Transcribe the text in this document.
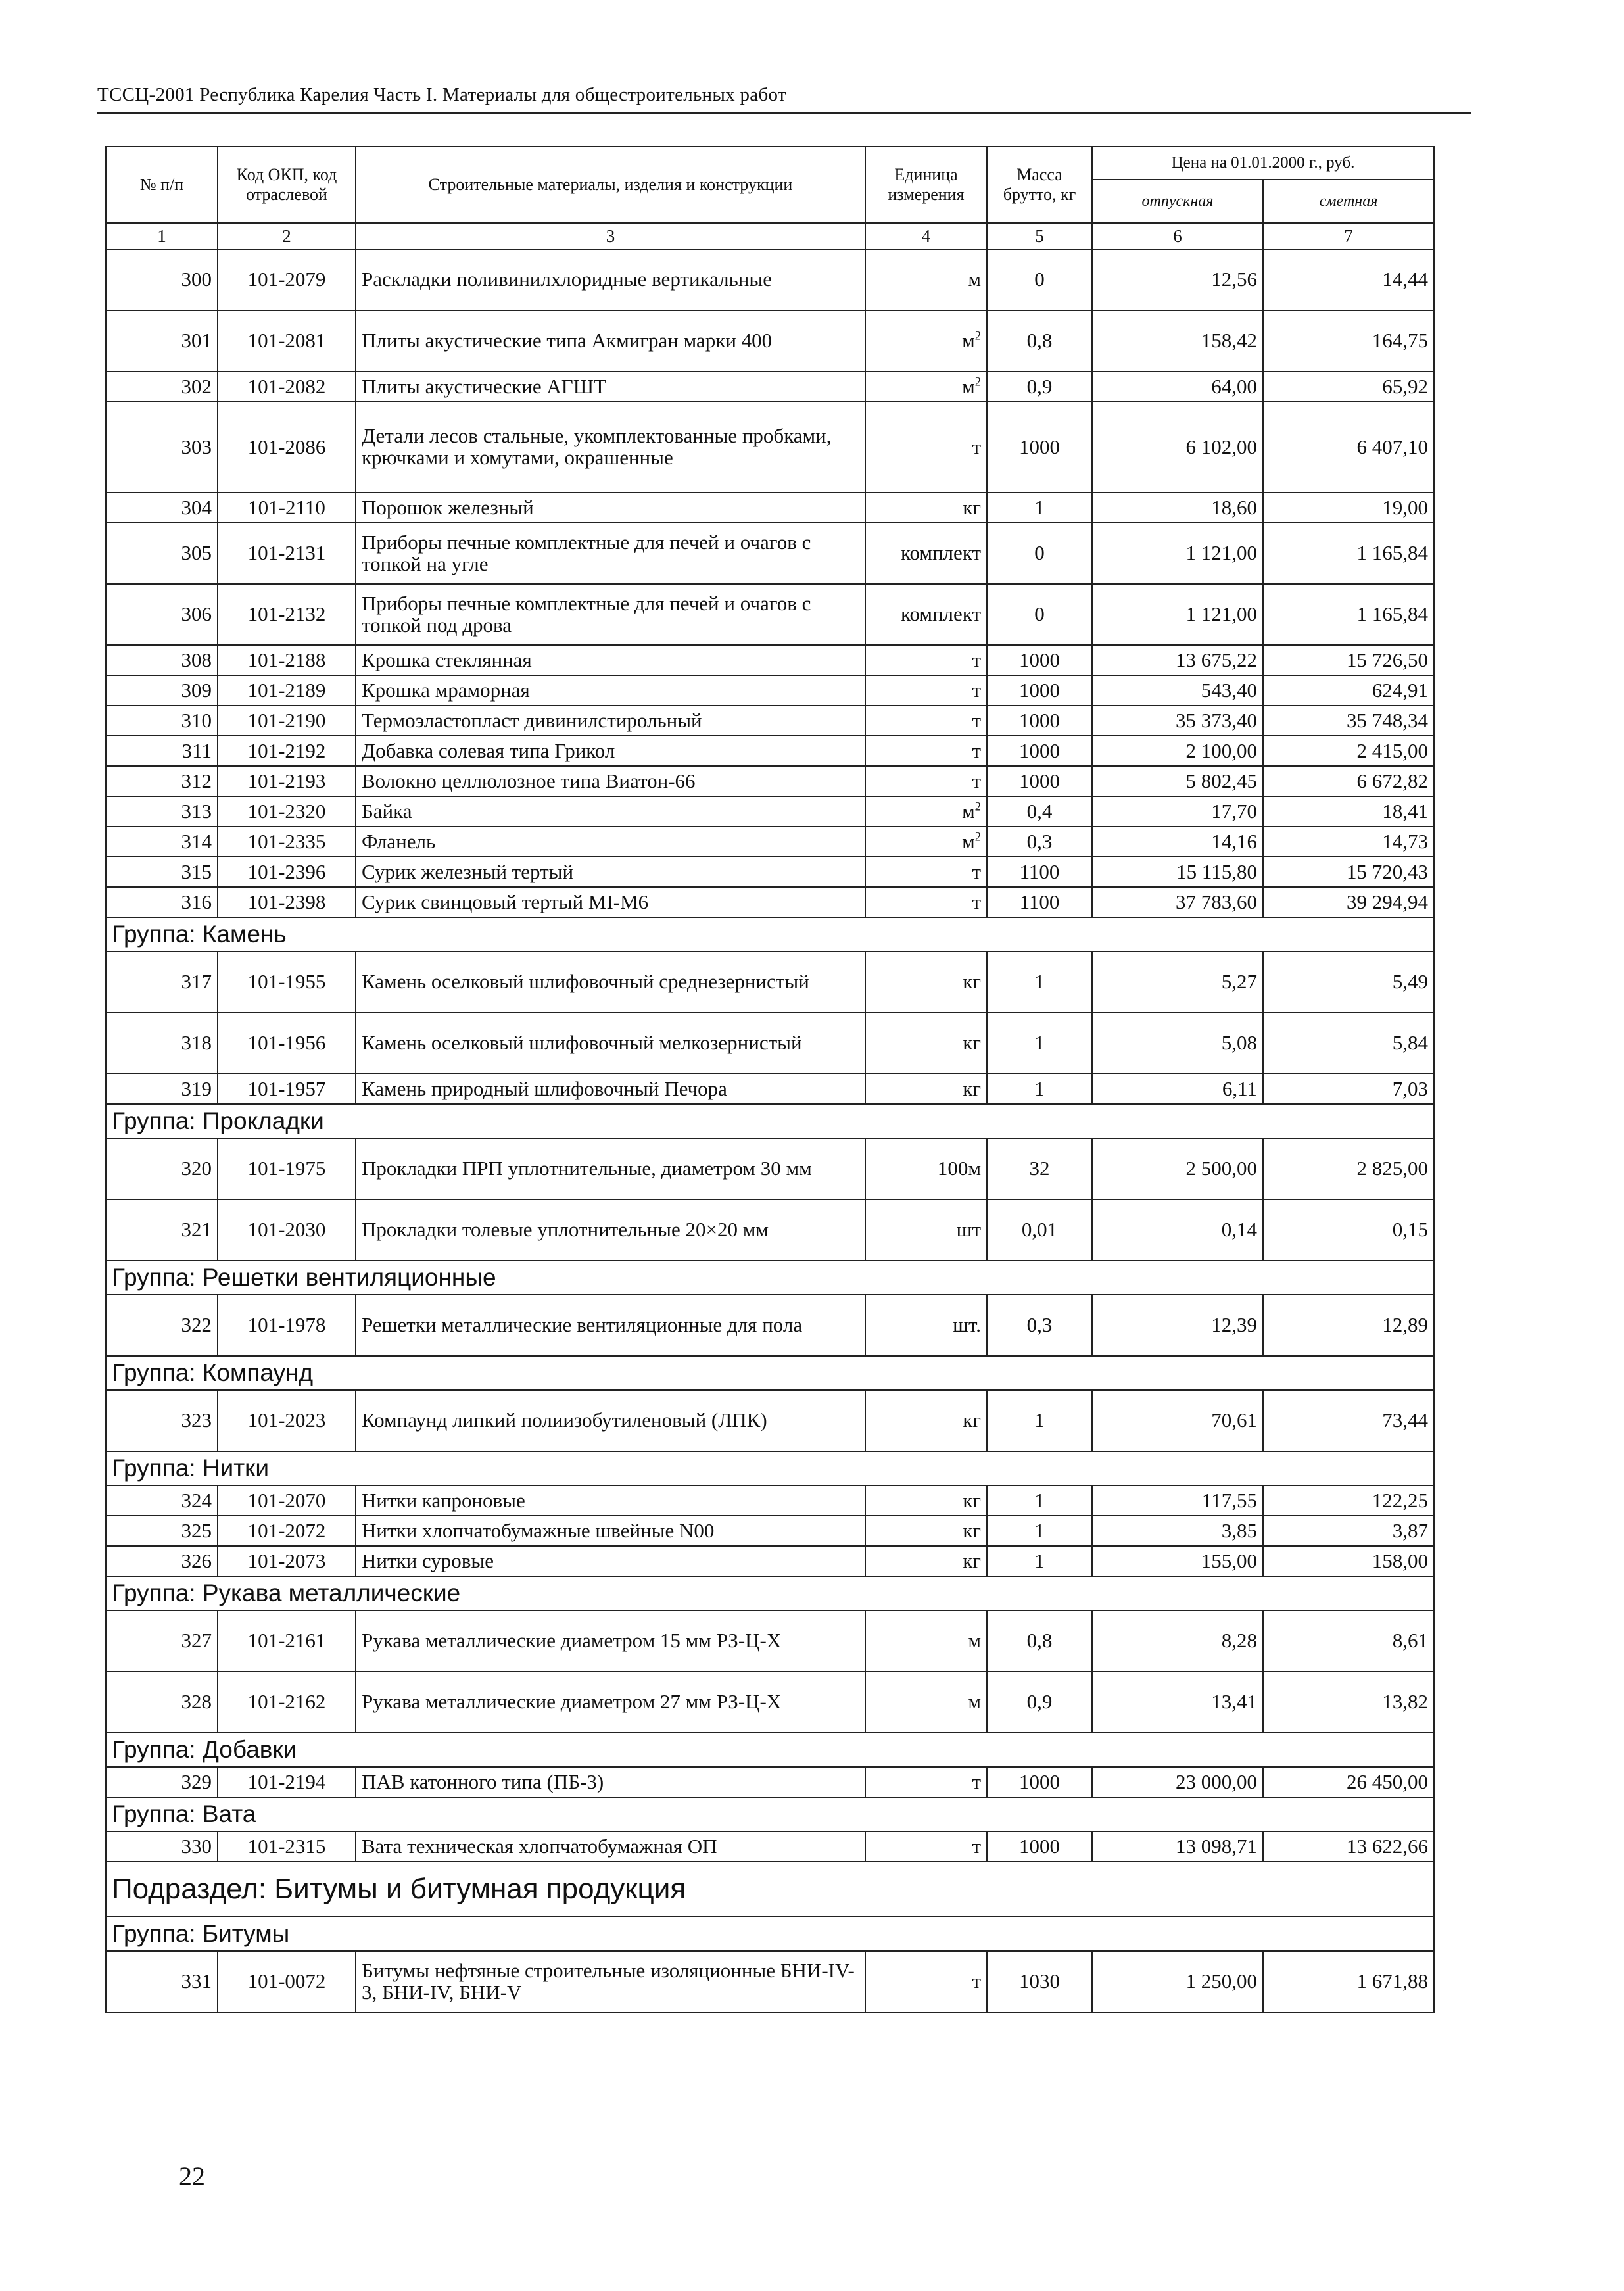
ТССЦ-2001 Республика Карелия Часть I. Материалы для общестроительных работ
№ п/п	Код ОКП, код отраслевой	Строительные материалы, изделия и конструкции	Единица измерения	Масса брутто, кг	Цена на 01.01.2000 г., руб.	
					отпускная	сметная
1	2	3	4	5	6	7
300	101-2079	Раскладки поливинилхлоридные вертикальные	м	0	12,56	14,44
301	101-2081	Плиты акустические типа Акмигран марки 400	$м^2$	0,8	158,42	164,75
302	101-2082	Плиты акустические АГШТ	$м^2$	0,9	64,00	65,92
303	101-2086	Детали лесов стальные, укомплектованные пробками, крючками и хомутами, окрашенные	т	1000	6 102,00	6 407,10
304	101-2110	Порошок железный	кг	1	18,60	19,00
305	101-2131	Приборы печные комплектные для печей и очагов с топкой на угле	комплект	0	1 121,00	1 165,84
306	101-2132	Приборы печные комплектные для печей и очагов с топкой под дрова	комплект	0	1 121,00	1 165,84
308	101-2188	Крошка стеклянная	т	1000	13 675,22	15 726,50
309	101-2189	Крошка мраморная	т	1000	543,40	624,91
310	101-2190	Термоэластопласт дивинилстирольный	т	1000	35 373,40	35 748,34
311	101-2192	Добавка солевая типа Грикол	т	1000	2 100,00	2 415,00
312	101-2193	Волокно целлюлозное типа Виатон-66	т	1000	5 802,45	6 672,82
313	101-2320	Байка	$м^2$	0,4	17,70	18,41
314	101-2335	Фланель	$м^2$	0,3	14,16	14,73
315	101-2396	Сурик железный тертый	т	1100	15 115,80	15 720,43
316	101-2398	Сурик свинцовый тертый МI-М6	т	1100	37 783,60	39 294,94
Группа: Камень						
317	101-1955	Камень оселковый шлифовочный среднезернистый	кг	1	5,27	5,49
318	101-1956	Камень оселковый шлифовочный мелкозернистый	кг	1	5,08	5,84
319	101-1957	Камень природный шлифовочный Печора	кг	1	6,11	7,03
Группа: Прокладки						
320	101-1975	Прокладки ПРП уплотнительные, диаметром 30 мм	100м	32	2 500,00	2 825,00
321	101-2030	Прокладки толевые уплотнительные 20×20 мм	шт	0,01	0,14	0,15
Группа: Решетки вентиляционные						
322	101-1978	Решетки металлические вентиляционные для пола	шт.	0,3	12,39	12,89
Группа: Компаунд						
323	101-2023	Компаунд липкий полиизобутиленовый (ЛПК)	кг	1	70,61	73,44
Группа: Нитки						
324	101-2070	Нитки капроновые	кг	1	117,55	122,25
325	101-2072	Нитки хлопчатобумажные швейные N00	кг	1	3,85	3,87
326	101-2073	Нитки суровые	кг	1	155,00	158,00
Группа: Рукава металлические						
327	101-2161	Рукава металлические диаметром 15 мм РЗ-Ц-Х	м	0,8	8,28	8,61
328	101-2162	Рукава металлические диаметром 27 мм РЗ-Ц-Х	м	0,9	13,41	13,82
Группа: Добавки						
329	101-2194	ПАВ катонного типа (ПБ-3)	т	1000	23 000,00	26 450,00
Группа: Вата						
330	101-2315	Вата техническая хлопчатобумажная ОП	т	1000	13 098,71	13 622,66
Подраздел: Битумы и битумная продукция						
Группа: Битумы						
331	101-0072	Битумы нефтяные строительные изоляционные БНИ-IV-3, БНИ-IV, БНИ-V	т	1030	1 250,00	1 671,88
22
